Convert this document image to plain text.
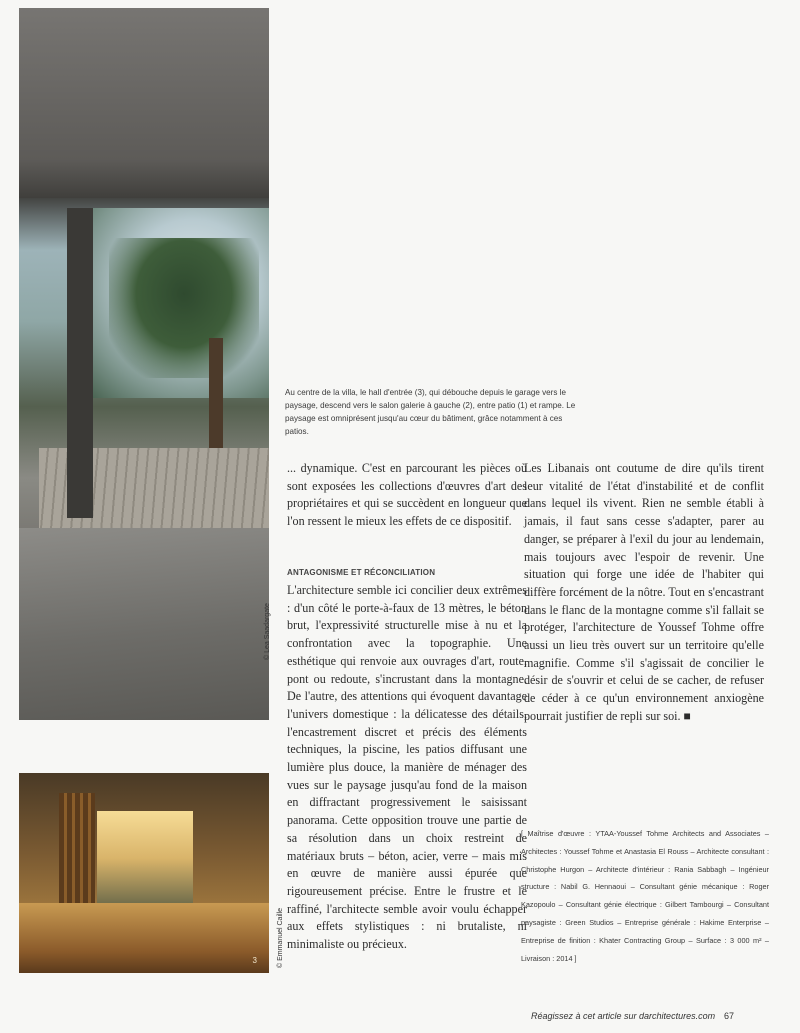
© Lea Saadargate
3	© Emmanuel Caille
Au centre de la villa, le hall d'entrée (3), qui débouche depuis le garage vers le paysage, descend vers le salon galerie à gauche (2), entre patio (1) et rampe. Le paysage est omniprésent jusqu'au cœur du bâtiment, grâce notamment à ces patios.

... dynamique. C'est en parcourant les pièces où sont exposées les collections d'œuvres d'art des propriétaires et qui se succèdent en longueur que l'on ressent le mieux les effets de ce dispositif.

ANTAGONISME ET RÉCONCILIATION

L'architecture semble ici concilier deux extrêmes : d'un côté le porte-à-faux de 13 mètres, le béton brut, l'expressivité structurelle mise à nu et la confrontation avec la topographie. Une esthétique qui renvoie aux ouvrages d'art, route, pont ou redoute, s'incrustant dans la montagne. De l'autre, des attentions qui évoquent davantage l'univers domestique : la délicatesse des détails, l'encastrement discret et précis des éléments techniques, la piscine, les patios diffusant une lumière plus douce, la manière de ménager des vues sur le paysage jusqu'au fond de la maison en diffractant progressivement le saisissant panorama. Cette opposition trouve une partie de sa résolution dans un choix restreint de matériaux bruts – béton, acier, verre – mais mis en œuvre de manière aussi épurée que rigoureusement précise. Entre le frustre et le raffiné, l'architecte semble avoir voulu échapper aux effets stylistiques : ni brutaliste, ni minimaliste ou précieux.

Les Libanais ont coutume de dire qu'ils tirent leur vitalité de l'état d'instabilité et de conflit dans lequel ils vivent. Rien ne semble établi à jamais, il faut sans cesse s'adapter, parer au danger, se préparer à l'exil du jour au lendemain, mais toujours avec l'espoir de revenir. Une situation qui forge une idée de l'habiter qui diffère forcément de la nôtre. Tout en s'encastrant dans le flanc de la montagne comme s'il fallait se protéger, l'architecture de Youssef Tohme offre aussi un lieu très ouvert sur un territoire qu'elle magnifie. Comme s'il s'agissait de concilier le désir de s'ouvrir et celui de se cacher, de refuser de céder à ce qu'un environnement anxiogène pourrait justifier de repli sur soi. ■

[ Maîtrise d'œuvre : YTAA-Youssef Tohme Architects and Associates – Architectes : Youssef Tohme et Anastasia El Rouss – Architecte consultant : Christophe Hurgon – Architecte d'intérieur : Rania Sabbagh – Ingénieur structure : Nabil G. Hennaoui – Consultant génie mécanique : Roger Kazopoulo – Consultant génie électrique : Gilbert Tambourgi – Consultant paysagiste : Green Studios – Entreprise générale : Hakime Enterprise – Entreprise de finition : Khater Contracting Group – Surface : 3 000 m² – Livraison : 2014 ]
Réagissez à cet article sur darchitectures.com 67
